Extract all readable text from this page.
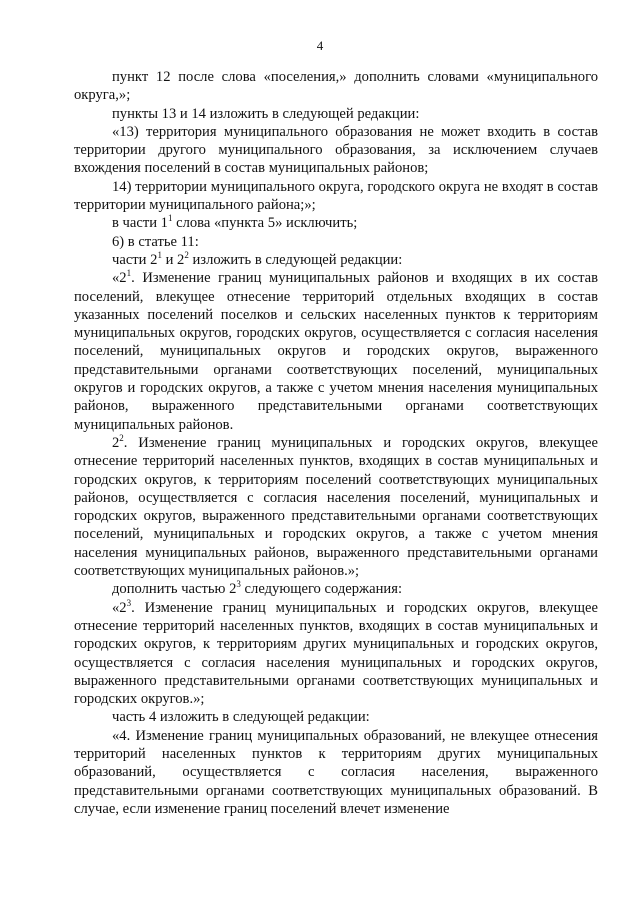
4

пункт 12 после слова «поселения,» дополнить словами «муниципального округа,»;

пункты 13 и 14 изложить в следующей редакции:

«13) территория муниципального образования не может входить в состав территории другого муниципального образования, за исключением случаев вхождения поселений в состав муниципальных районов;

14) территории муниципального округа, городского округа не входят в состав территории муниципального района;»;

в части $1^1$ слова «пункта 5» исключить;

6) в статье 11:

части $2^1$ и $2^2$ изложить в следующей редакции:

«$2^1$. Изменение границ муниципальных районов и входящих в их состав поселений, влекущее отнесение территорий отдельных входящих в состав указанных поселений поселков и сельских населенных пунктов к территориям муниципальных округов, городских округов, осуществляется с согласия населения поселений, муниципальных округов и городских округов, выраженного представительными органами соответствующих поселений, муниципальных округов и городских округов, а также с учетом мнения населения муниципальных районов, выраженного представительными органами соответствующих муниципальных районов.

$2^2$. Изменение границ муниципальных и городских округов, влекущее отнесение территорий населенных пунктов, входящих в состав муниципальных и городских округов, к территориям поселений соответствующих муниципальных районов, осуществляется с согласия населения поселений, муниципальных и городских округов, выраженного представительными органами соответствующих поселений, муниципальных и городских округов, а также с учетом мнения населения муниципальных районов, выраженного представительными органами соответствующих муниципальных районов.»;

дополнить частью $2^3$ следующего содержания:

«$2^3$. Изменение границ муниципальных и городских округов, влекущее отнесение территорий населенных пунктов, входящих в состав муниципальных и городских округов, к территориям других муниципальных и городских округов, осуществляется с согласия населения муниципальных и городских округов, выраженного представительными органами соответствующих муниципальных и городских округов.»;

часть 4 изложить в следующей редакции:

«4. Изменение границ муниципальных образований, не влекущее отнесения территорий населенных пунктов к территориям других муниципальных образований, осуществляется с согласия населения, выраженного представительными органами соответствующих муниципальных образований. В случае, если изменение границ поселений влечет изменение
